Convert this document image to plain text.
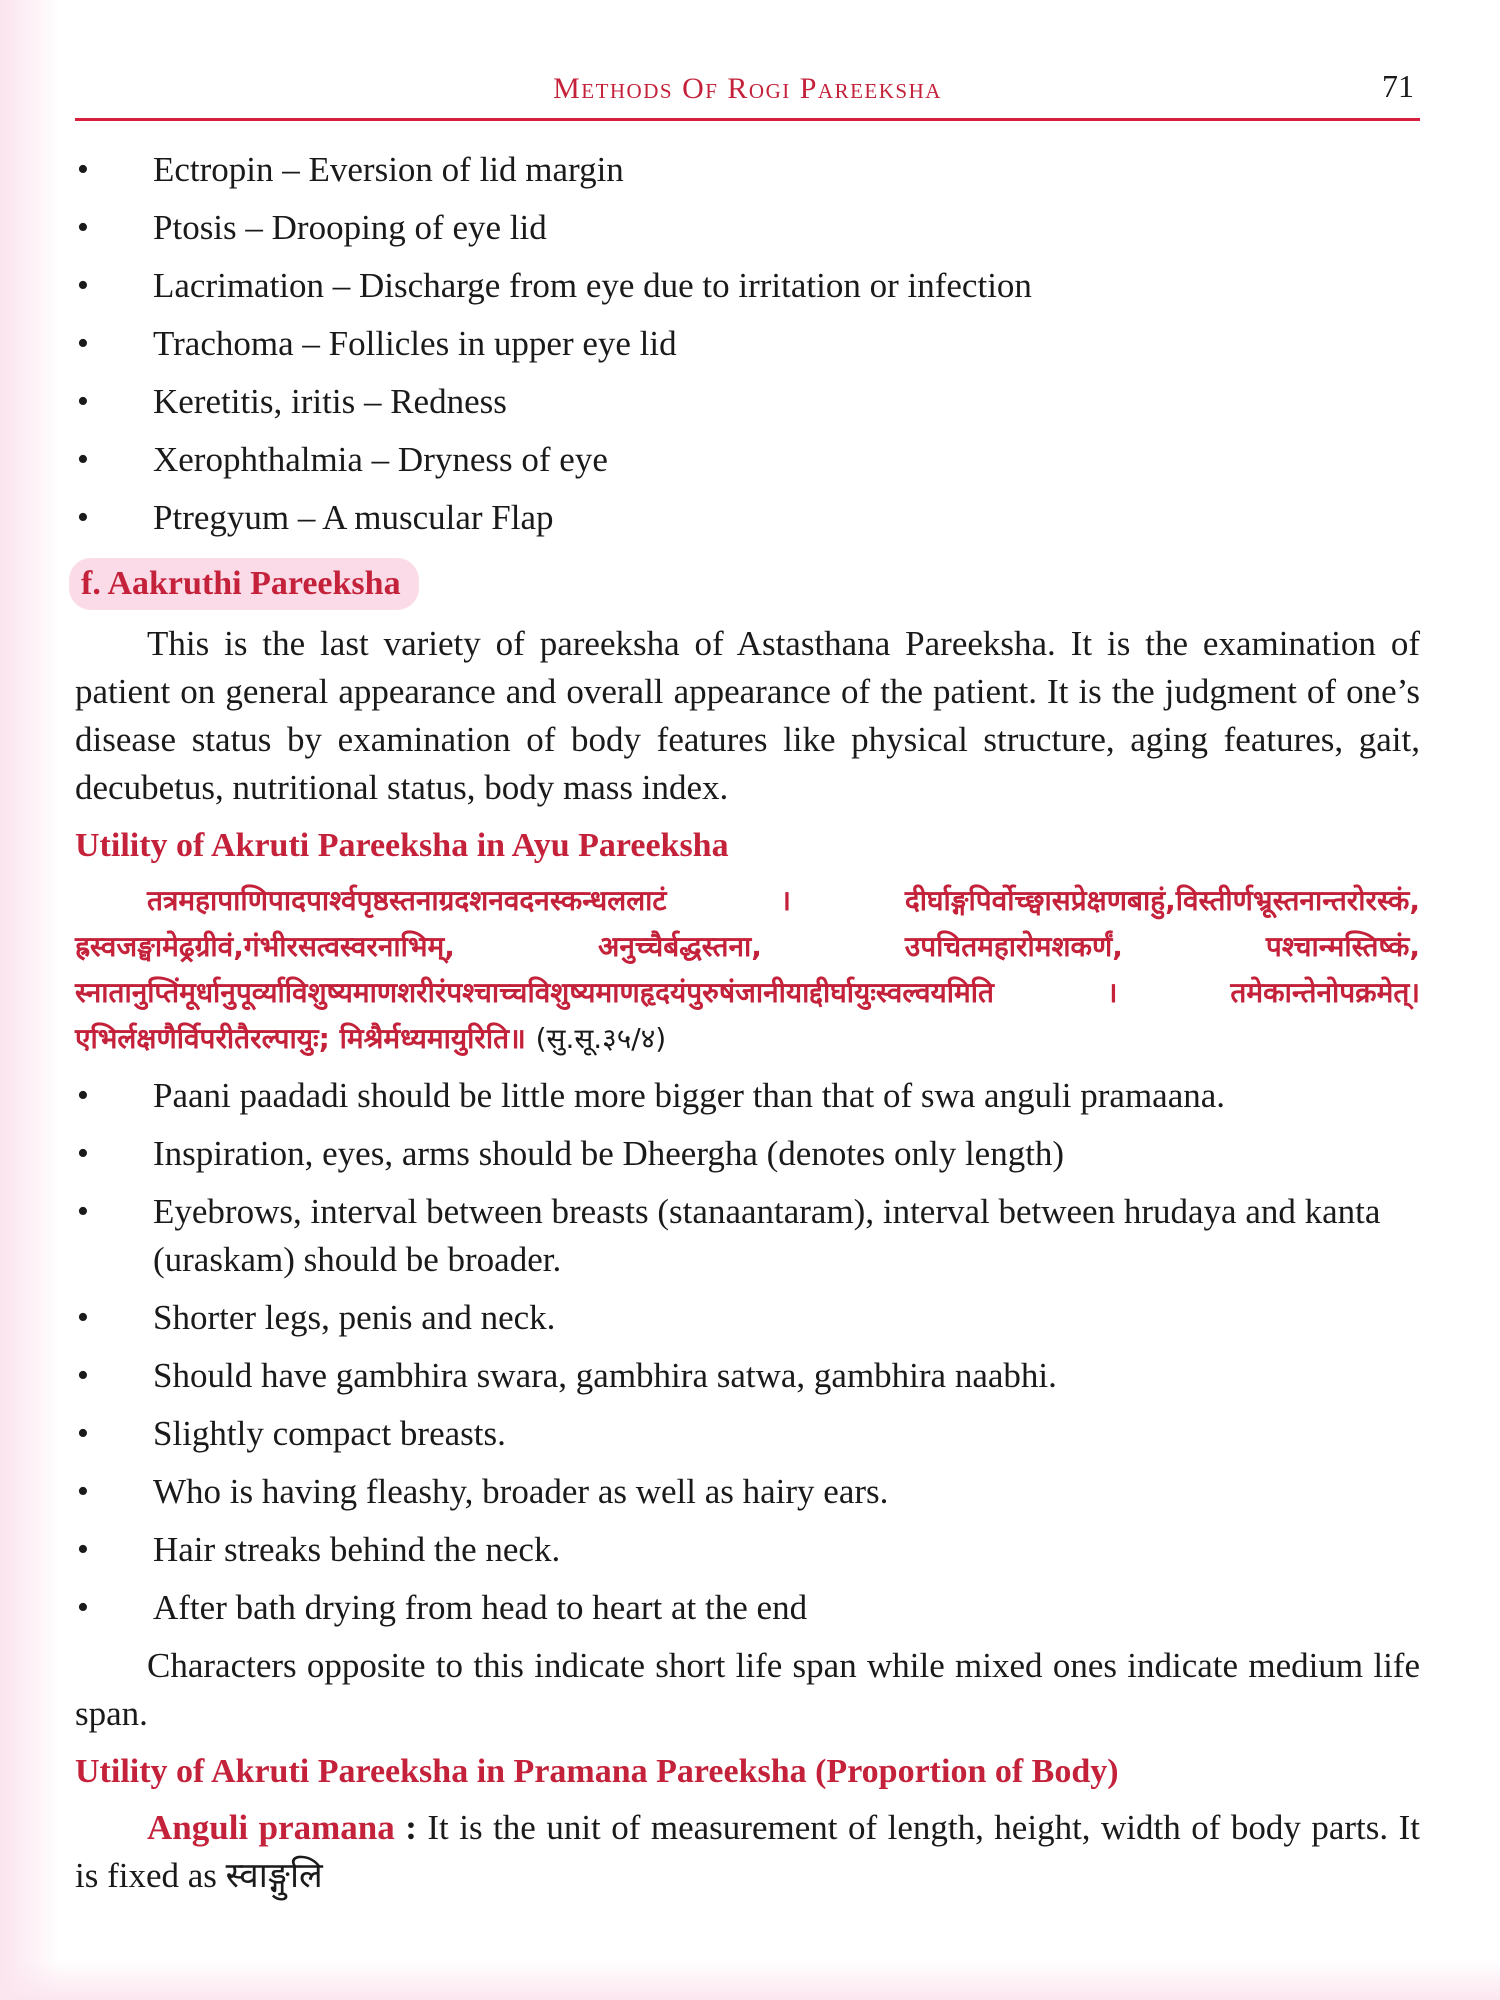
Methods Of Rogi Pareeksha	71
• Ectropin – Eversion of lid margin
• Ptosis – Drooping of eye lid
• Lacrimation – Discharge from eye due to irritation or infection
• Trachoma – Follicles in upper eye lid
• Keretitis, iritis – Redness
• Xerophthalmia – Dryness of eye
• Ptregyum – A muscular Flap
f. Aakruthi Pareeksha

This is the last variety of pareeksha of Astasthana Pareeksha. It is the examination of patient on general appearance and overall appearance of the patient. It is the judgment of one’s disease status by examination of body features like physical structure, aging features, gait, decubetus, nutritional status, body mass index.

Utility of Akruti Pareeksha in Ayu Pareeksha
तत्रमहापाणिपादपार्श्वपृष्ठस्तनाग्रदशनवदनस्कन्धललाटं । दीर्घाङ्गपिर्वोच्छ्वासप्रेक्षणबाहुं,विस्तीर्णभ्रूस्तनान्तरोरस्कं, ह्रस्वजङ्घामेढ्रग्रीवं,गंभीरसत्वस्वरनाभिम्, अनुच्चैर्बद्धस्तना, उपचितमहारोमशकर्णं, पश्चान्मस्तिष्कं, स्नातानुप्तिंमूर्धानुपूर्व्याविशुष्यमाणशरीरंपश्चाच्चविशुष्यमाणहृदयंपुरुषंजानीयाद्दीर्घायुःस्वल्वयमिति । तमेकान्तेनोपक्रमेत्। एभिर्लक्षणैर्विपरीतैरल्पायुः; मिश्रैर्मध्यमायुरिति॥ (सु.सू.३५/४)
• Paani paadadi should be little more bigger than that of swa anguli pramaana.
• Inspiration, eyes, arms should be Dheergha (denotes only length)
• Eyebrows, interval between breasts (stanaantaram), interval between hrudaya and kanta (uraskam) should be broader.
• Shorter legs, penis and neck.
• Should have gambhira swara, gambhira satwa, gambhira naabhi.
• Slightly compact breasts.
• Who is having fleashy, broader as well as hairy ears.
• Hair streaks behind the neck.
• After bath drying from head to heart at the end

Characters opposite to this indicate short life span while mixed ones indicate medium life span.

Utility of Akruti Pareeksha in Pramana Pareeksha (Proportion of Body)

Anguli pramana : It is the unit of measurement of length, height, width of body parts. It is fixed as स्वाङ्गुलि
